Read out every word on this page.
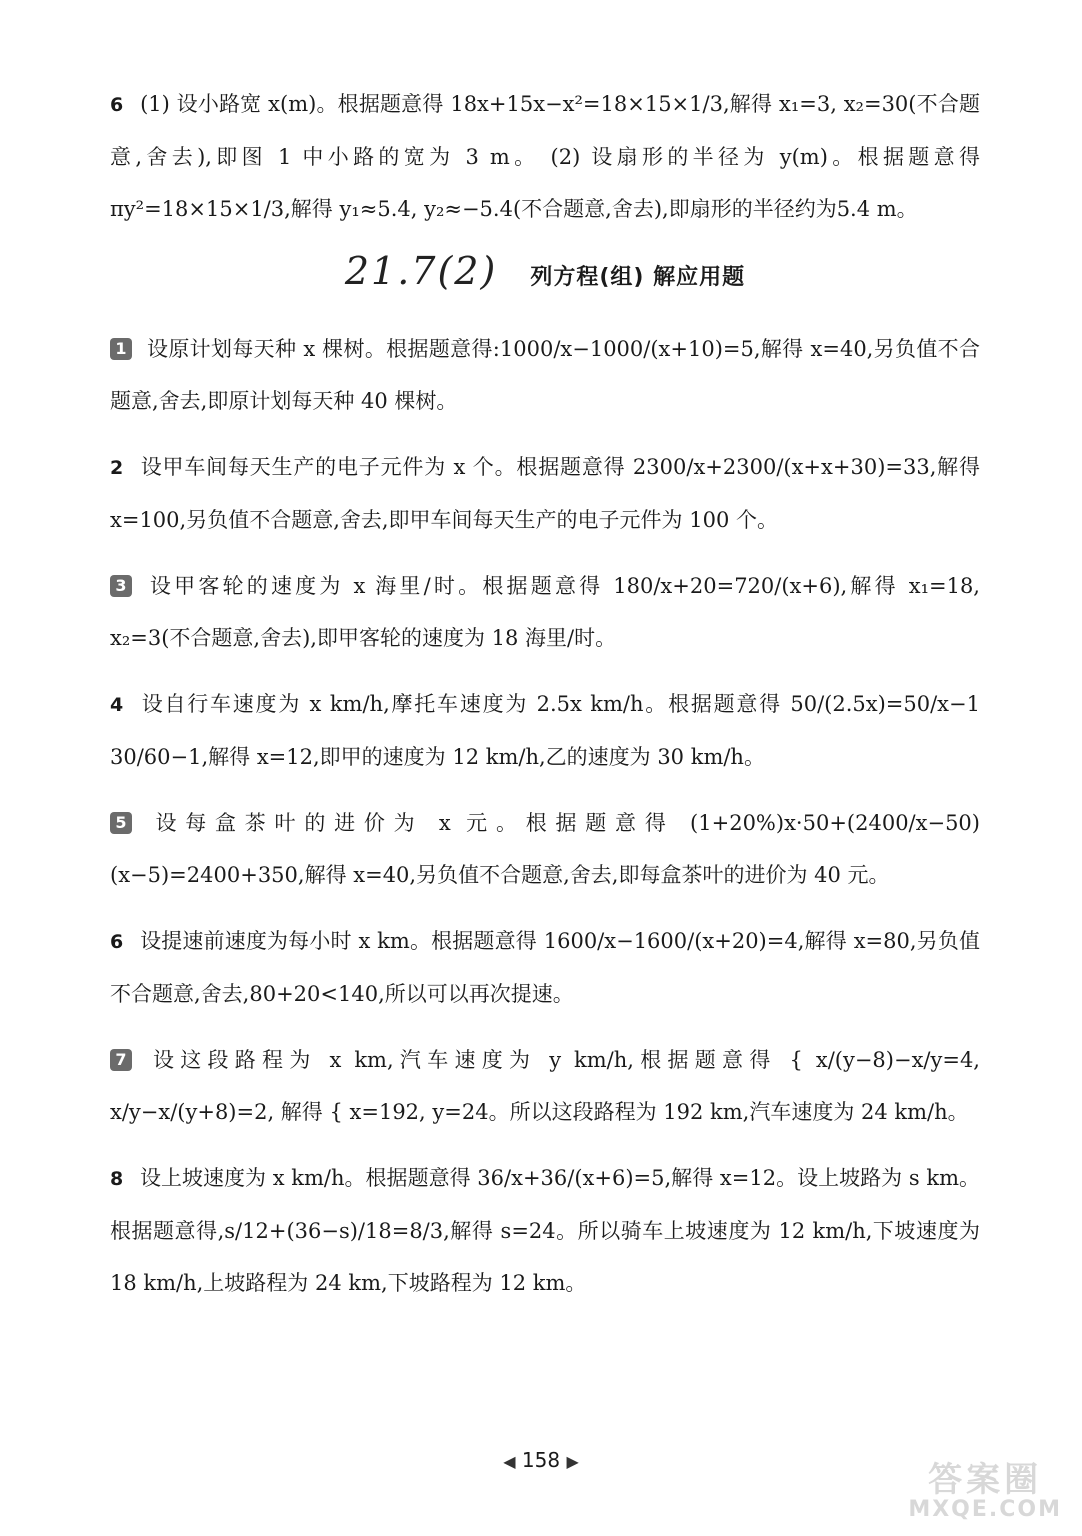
6 (1) 设小路宽 x(m)。根据题意得 18x+15x−x²=18×15×1/3,解得 x₁=3, x₂=30(不合题意,舍去),即图 1 中小路的宽为 3 m。 (2) 设扇形的半径为 y(m)。根据题意得 πy²=18×15×1/3,解得 y₁≈5.4, y₂≈−5.4(不合题意,舍去),即扇形的半径约为5.4 m。
21.7(2) 列方程(组) 解应用题
1 设原计划每天种 x 棵树。根据题意得:1000/x−1000/(x+10)=5,解得 x=40,另负值不合题意,舍去,即原计划每天种 40 棵树。
2 设甲车间每天生产的电子元件为 x 个。根据题意得 2300/x+2300/(x+x+30)=33,解得 x=100,另负值不合题意,舍去,即甲车间每天生产的电子元件为 100 个。
3 设甲客轮的速度为 x 海里/时。根据题意得 180/x+20=720/(x+6),解得 x₁=18, x₂=3(不合题意,舍去),即甲客轮的速度为 18 海里/时。
4 设自行车速度为 x km/h,摩托车速度为 2.5x km/h。根据题意得 50/(2.5x)=50/x−1 30/60−1,解得 x=12,即甲的速度为 12 km/h,乙的速度为 30 km/h。
5 设每盒茶叶的进价为 x 元。根据题意得 (1+20%)x·50+(2400/x−50)(x−5)=2400+350,解得 x=40,另负值不合题意,舍去,即每盒茶叶的进价为 40 元。
6 设提速前速度为每小时 x km。根据题意得 1600/x−1600/(x+20)=4,解得 x=80,另负值不合题意,舍去,80+20<140,所以可以再次提速。
7 设这段路程为 x km,汽车速度为 y km/h,根据题意得 { x/(y−8)−x/y=4, x/y−x/(y+8)=2, 解得 { x=192, y=24。所以这段路程为 192 km,汽车速度为 24 km/h。
8 设上坡速度为 x km/h。根据题意得 36/x+36/(x+6)=5,解得 x=12。设上坡路为 s km。根据题意得,s/12+(36−s)/18=8/3,解得 s=24。所以骑车上坡速度为 12 km/h,下坡速度为 18 km/h,上坡路程为 24 km,下坡路程为 12 km。
◀ 158 ▶	答案圈
MXQE.COM
